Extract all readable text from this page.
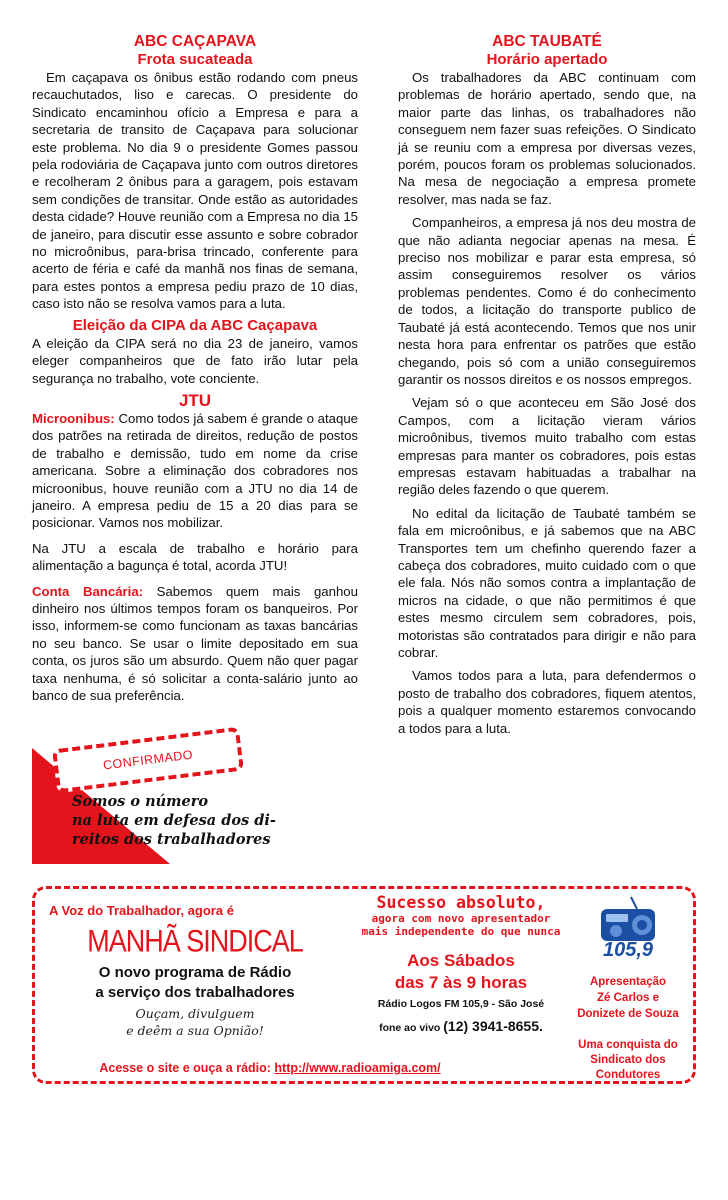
ABC CAÇAPAVA
Frota sucateada

Em caçapava os ônibus estão rodando com pneus recauchutados, liso e carecas. O presidente do Sindicato encaminhou ofício a Empresa e para a secretaria de transito de Caçapava para solucionar este problema. No dia 9 o presidente Gomes passou pela rodoviária de Caçapava junto com outros diretores e recolheram 2 ônibus para a garagem, pois estavam sem condições de transitar. Onde estão as autoridades desta cidade? Houve reunião com a Empresa no dia 15 de janeiro, para discutir esse assunto e sobre cobrador no microônibus, para-brisa trincado, conferente para acerto de féria e café da manhã nos finas de semana, para estes pontos a empresa pediu prazo de 10 dias, caso isto não se resolva vamos para a luta.

Eleição da CIPA da ABC Caçapava

A eleição da CIPA será no dia 23 de janeiro, vamos eleger companheiros que de fato irão lutar pela segurança no trabalho, vote conciente.

JTU

Microonibus: Como todos já sabem é grande o ataque dos patrões na retirada de direitos, redução de postos de trabalho e demissão, tudo em nome da crise americana. Sobre a eliminação dos cobradores nos microonibus, houve reunião com a JTU no dia 14 de janeiro. A empresa pediu de 15 a 20 dias para se posicionar. Vamos nos mobilizar.

Na JTU a escala de trabalho e horário para alimentação a bagunça é total, acorda JTU!

Conta Bancária: Sabemos quem mais ganhou dinheiro nos últimos tempos foram os banqueiros. Por isso, informem-se como funcionam as taxas bancárias no seu banco. Se usar o limite depositado em sua conta, os juros são um absurdo. Quem não quer pagar taxa nenhuma, é só solicitar a conta-salário junto ao banco de sua preferência.

CONFIRMADO
Somos o número
na luta em defesa dos di-
reitos dos trabalhadores
ABC TAUBATÉ
Horário apertado

Os trabalhadores da ABC continuam com problemas de horário apertado, sendo que, na maior parte das linhas, os trabalhadores não conseguem nem fazer suas refeições. O Sindicato já se reuniu com a empresa por diversas vezes, porém, poucos foram os problemas solucionados. Na mesa de negociação a empresa promete resolver, mas nada se faz.

Companheiros, a empresa já nos deu mostra de que não adianta negociar apenas na mesa. É preciso nos mobilizar e parar esta empresa, só assim conseguiremos resolver os vários problemas pendentes. Como é do conhecimento de todos, a licitação do transporte publico de Taubaté já está acontecendo. Temos que nos unir nesta hora para enfrentar os patrões que estão chegando, pois só com a união conseguiremos garantir os nossos direitos e os nossos empregos.

Vejam só o que aconteceu em São José dos Campos, com a licitação vieram vários microônibus, tivemos muito trabalho com estas empresas para manter os cobradores, pois estas empresas estavam habituadas a trabalhar na região deles fazendo o que querem.

No edital da licitação de Taubaté também se fala em microônibus, e já sabemos que na ABC Transportes tem um chefinho querendo fazer a cabeça dos cobradores, muito cuidado com o que ele fala. Nós não somos contra a implantação de micros na cidade, o que não permitimos é que estes mesmo circulem sem cobradores, pois, motoristas são contratados para dirigir e não para cobrar.

Vamos todos para a luta, para defendermos o posto de trabalho dos cobradores, fiquem atentos, pois a qualquer momento estaremos convocando a todos para a luta.

A Voz do Trabalhador, agora é

MANHÃ SINDICAL
O novo programa de Rádio
a serviço dos trabalhadores
Ouçam, divulguem
e deêm a sua Opnião!

Sucesso absoluto,

agora com novo apresentador
mais independente do que nunca
Aos Sábados
das 7 às 9 horas
Rádio Logos FM 105,9 - São José
fone ao vivo (12) 3941-8655.
105,9
Apresentação
Zé Carlos e
Donizete de Souza
Uma conquista do
Sindicato dos Condutores
Acesse o site e ouça a rádio: http://www.radioamiga.com/
